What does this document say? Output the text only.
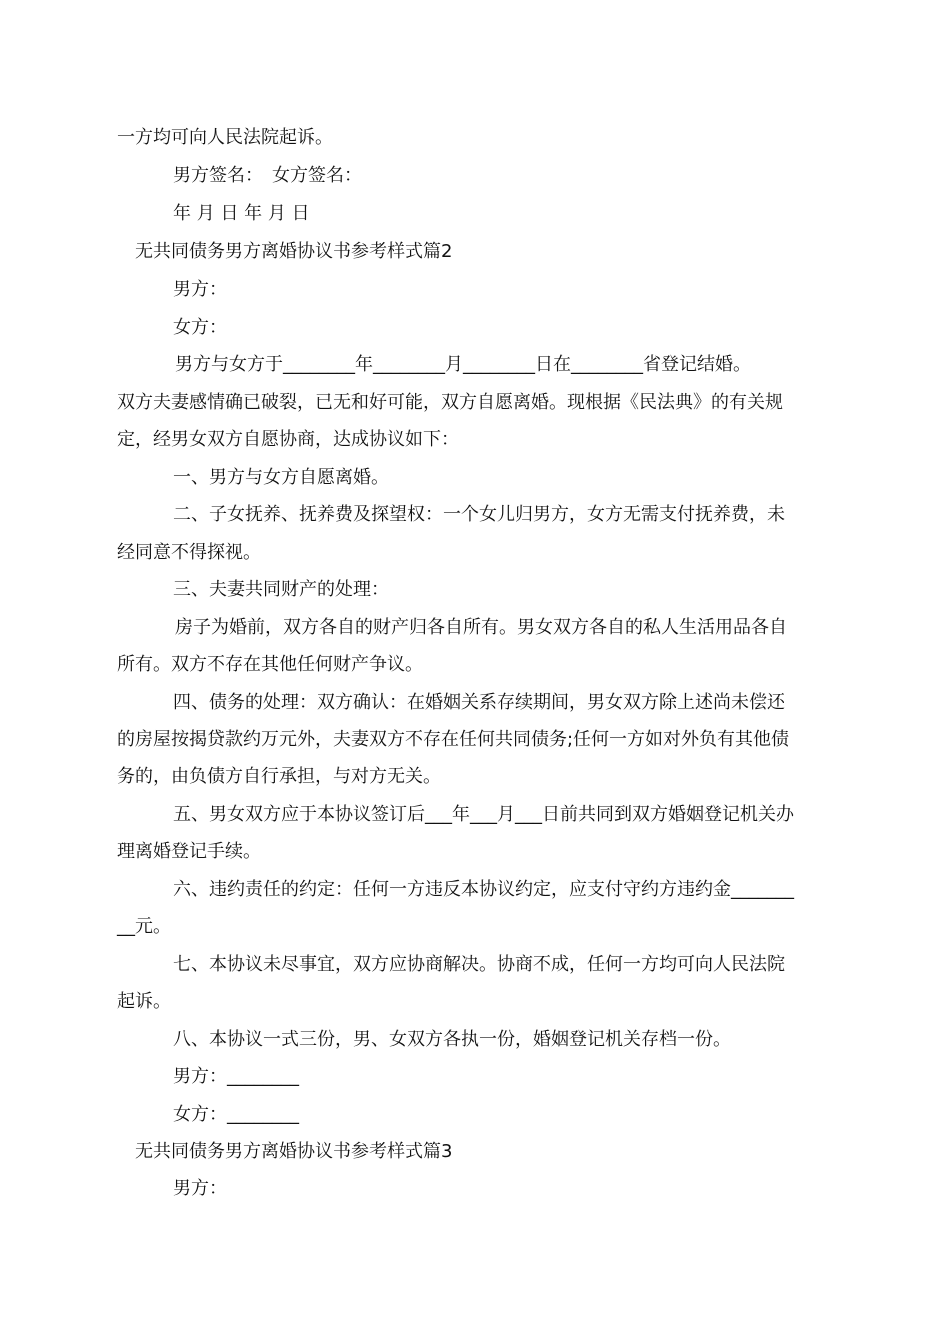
一方均可向人民法院起诉。

男方签名：　女方签名：

年 月 日 年 月 日

无共同债务男方离婚协议书参考样式篇2

男方：

女方：

男方与女方于________年________月________日在________省登记结婚。

双方夫妻感情确已破裂，已无和好可能，双方自愿离婚。现根据《民法典》的有关规

定，经男女双方自愿协商，达成协议如下：

一、男方与女方自愿离婚。

二、子女抚养、抚养费及探望权：一个女儿归男方，女方无需支付抚养费，未

经同意不得探视。

三、夫妻共同财产的处理：

房子为婚前，双方各自的财产归各自所有。男女双方各自的私人生活用品各自

所有。双方不存在其他任何财产争议。

四、债务的处理：双方确认：在婚姻关系存续期间，男女双方除上述尚未偿还

的房屋按揭贷款约万元外，夫妻双方不存在任何共同债务;任何一方如对外负有其他债

务的，由负债方自行承担，与对方无关。

五、男女双方应于本协议签订后___年___月___日前共同到双方婚姻登记机关办

理离婚登记手续。

六、违约责任的约定：任何一方违反本协议约定，应支付守约方违约金_______

__元。

七、本协议未尽事宜，双方应协商解决。协商不成，任何一方均可向人民法院

起诉。

八、本协议一式三份，男、女双方各执一份，婚姻登记机关存档一份。

男方：________

女方：________

无共同债务男方离婚协议书参考样式篇3

男方：
